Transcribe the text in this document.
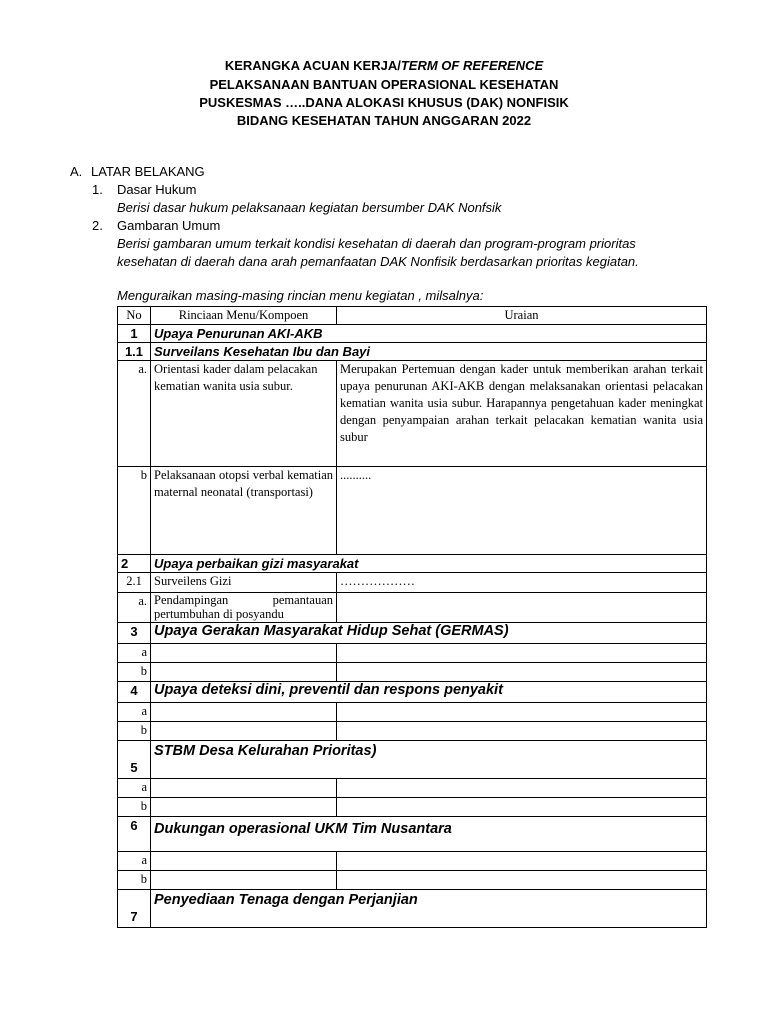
KERANGKA ACUAN KERJA/TERM OF REFERENCE
PELAKSANAAN BANTUAN OPERASIONAL KESEHATAN
PUSKESMAS …..DANA ALOKASI KHUSUS (DAK) NONFISIK
BIDANG KESEHATAN TAHUN ANGGARAN 2022
A. LATAR BELAKANG
1. Dasar Hukum
Berisi dasar hukum pelaksanaan kegiatan bersumber DAK Nonfsik
2. Gambaran Umum
Berisi gambaran umum terkait kondisi kesehatan di daerah dan program-program prioritas
kesehatan di daerah dana arah pemanfaatan DAK Nonfisik berdasarkan prioritas kegiatan.
Menguraikan masing-masing rincian menu kegiatan , milsalnya:
No	Rinciaan Menu/Kompoen	Uraian
1	Upaya Penurunan AKI-AKB	
1.1	Surveilans Kesehatan Ibu dan Bayi	
a.	Orientasi kader dalam pelacakan kematian wanita usia subur.	Merupakan Pertemuan dengan kader untuk memberikan arahan terkait upaya penurunan AKI-AKB dengan melaksanakan orientasi pelacakan kematian wanita usia subur. Harapannya pengetahuan kader meningkat dengan penyampaian arahan terkait pelacakan kematian wanita usia subur
b	Pelaksanaan otopsi verbal kematian maternal neonatal (transportasi)	..........
2	Upaya perbaikan gizi masyarakat	
2.1	Surveilens Gizi	………………
a.	Pendampingan pemantauan pertumbuhan di posyandu	
3	Upaya Gerakan Masyarakat Hidup Sehat (GERMAS)	
a		
b		
4	Upaya deteksi dini, preventil dan respons penyakit	
a		
b		
5	STBM Desa Kelurahan Prioritas)	
a		
b		
6	Dukungan operasional UKM Tim Nusantara	
a		
b		
7	Penyediaan Tenaga dengan Perjanjian	
